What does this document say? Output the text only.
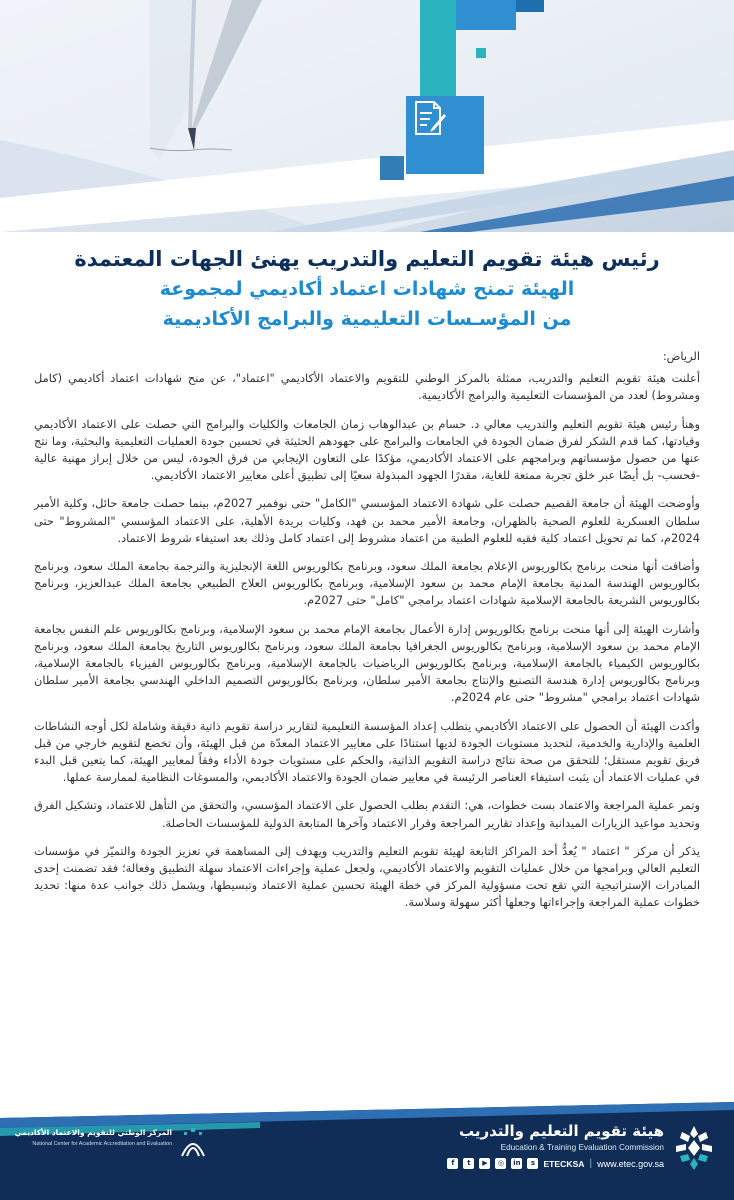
رئيس هيئة تقويم التعليم والتدريب يهنئ الجهات المعتمدة
الهيئة تمنح شهادات اعتماد أكاديمي لمجموعة
من المؤسـسات التعليمية والبرامج الأكاديمية

الرياض:

أعلنت هيئة تقويم التعليم والتدريب، ممثلة بالمركز الوطني للتقويم والاعتماد الأكاديمي "اعتماد"، عن منح شهادات اعتماد أكاديمي (كامل ومشروط) لعدد من المؤسسات التعليمية والبرامج الأكاديمية.

وهنأ رئيس هيئة تقويم التعليم والتدريب معالي د. حسام بن عبدالوهاب زمان الجامعات والكليات والبرامج التي حصلت على الاعتماد الأكاديمي وقيادتها، كما قدم الشكر لفرق ضمان الجودة في الجامعات والبرامج على جهودهم الحثيثة في تحسين جودة العمليات التعليمية والبحثية، وما نتج عنها من حصول مؤسساتهم وبرامجهم على الاعتماد الأكاديمي، مؤكدًا على التعاون الإيجابي من فرق الجودة، ليس من خلال إبراز مهنية عالية -فحسب- بل أيضًا عبر خلق تجربة ممتعة للغاية، مقدرًا الجهود المبذولة سعيًا إلى تطبيق أعلى معايير الاعتماد الأكاديمي.

وأوضحت الهيئة أن جامعة القصيم حصلت على شهادة الاعتماد المؤسسي "الكامل" حتى نوفمبر 2027م، بينما حصلت جامعة حائل، وكلية الأمير سلطان العسكرية للعلوم الصحية بالظهران، وجامعة الأمير محمد بن فهد، وكليات بريدة الأهلية، على الاعتماد المؤسسي "المشروط" حتى 2024م، كما تم تحويل اعتماد كلية فقيه للعلوم الطبية من اعتماد مشروط إلى اعتماد كامل وذلك بعد استيفاء شروط الاعتماد.

وأضافت أنها منحت برنامج بكالوريوس الإعلام بجامعة الملك سعود، وبرنامج بكالوريوس اللغة الإنجليزية والترجمة بجامعة الملك سعود، وبرنامج بكالوريوس الهندسة المدنية بجامعة الإمام محمد بن سعود الإسلامية، وبرنامج بكالوريوس العلاج الطبيعي بجامعة الملك عبدالعزيز، وبرنامج بكالوريوس الشريعة بالجامعة الإسلامية شهادات اعتماد برامجي "كامل" حتى 2027م.

وأشارت الهيئة إلى أنها منحت برنامج بكالوريوس إدارة الأعمال بجامعة الإمام محمد بن سعود الإسلامية، وبرنامج بكالوريوس علم النفس بجامعة الإمام محمد بن سعود الإسلامية، وبرنامج بكالوريوس الجغرافيا بجامعة الملك سعود، وبرنامج بكالوريوس التاريخ بجامعة الملك سعود، وبرنامج بكالوريوس الكيمياء بالجامعة الإسلامية، وبرنامج بكالوريوس الرياضيات بالجامعة الإسلامية، وبرنامج بكالوريوس الفيزياء بالجامعة الإسلامية، وبرنامج بكالوريوس إدارة هندسة التصنيع والإنتاج بجامعة الأمير سلطان، وبرنامج بكالوريوس التصميم الداخلي الهندسي بجامعة الأمير سلطان شهادات اعتماد برامجي "مشروط" حتى عام 2024م.

وأكدت الهيئة أن الحصول على الاعتماد الأكاديمي يتطلب إعداد المؤسسة التعليمية لتقارير دراسة تقويم ذاتية دقيقة وشاملة لكل أوجه النشاطات العلمية والإدارية والخدمية، لتحديد مستويات الجودة لديها استنادًا على معايير الاعتماد المعدّة من قبل الهيئة، وأن تخضع لتقويم خارجي من قبل فريق تقويم مستقل؛ للتحقق من صحة نتائج دراسة التقويم الذاتية، والحكم على مستويات جودة الأداء وفقاً لمعايير الهيئة، كما يتعين قبل البدء في عمليات الاعتماد أن يثبت استيفاء العناصر الرئيسة في معايير ضمان الجودة والاعتماد الأكاديمي، والمسوغات النظامية لممارسة عملها.

وتمر عملية المراجعة والاعتماد بست خطوات، هي: التقدم بطلب الحصول على الاعتماد المؤسسي، والتحقق من التأهل للاعتماد، وتشكيل الفرق وتحديد مواعيد الزيارات الميدانية وإعداد تقارير المراجعة وقرار الاعتماد وآخرها المتابعة الدولية للمؤسسات الحاصلة.

يذكر أن مركز " اعتماد " يُعدُّ أحد المراكز التابعة لهيئة تقويم التعليم والتدريب ويهدف إلى المساهمة في تعزيز الجودة والتميّز في مؤسسات التعليم العالي وبرامجها من خلال عمليات التقويم والاعتماد الأكاديمي، ولجعل عملية وإجراءات الاعتماد سهلة التطبيق وفعالة؛ فقد تضمنت إحدى المبادرات الإستراتيجية التي تقع تحت مسؤولية المركز في خطة الهيئة تحسين عملية الاعتماد وتبسيطها، ويشمل ذلك جوانب عدة منها: تحديد خطوات عملية المراجعة وإجراءاتها وجعلها أكثر سهولة وسلاسة.

هيئة تقويم التعليم والتدريب
Education & Training Evaluation Commission
www.etec.gov.sa
|
ETECKSA
s
in
◎
▶
t
f
المركز الوطني للتقويم والاعتماد الأكاديمي
National Center for Academic Accreditation and Evaluation
